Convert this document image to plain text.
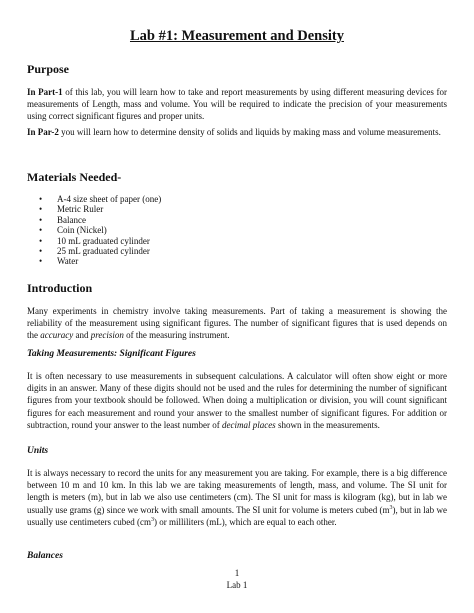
Lab #1: Measurement and Density
Purpose
In Part-1 of this lab, you will learn how to take and report measurements by using different measuring devices for measurements of Length, mass and volume. You will be required to indicate the precision of your measurements using correct significant figures and proper units.
In Par-2 you will learn how to determine density of solids and liquids by making mass and volume measurements.
Materials Needed-
• A-4 size sheet of paper (one)
• Metric Ruler
• Balance
• Coin (Nickel)
• 10 mL graduated cylinder
• 25 mL graduated cylinder
• Water
Introduction
Many experiments in chemistry involve taking measurements. Part of taking a measurement is showing the reliability of the measurement using significant figures. The number of significant figures that is used depends on the accuracy and precision of the measuring instrument.
Taking Measurements: Significant Figures
It is often necessary to use measurements in subsequent calculations. A calculator will often show eight or more digits in an answer. Many of these digits should not be used and the rules for determining the number of significant figures from your textbook should be followed. When doing a multiplication or division, you will count significant figures for each measurement and round your answer to the smallest number of significant figures. For addition or subtraction, round your answer to the least number of decimal places shown in the measurements.
Units
It is always necessary to record the units for any measurement you are taking. For example, there is a big difference between 10 m and 10 km. In this lab we are taking measurements of length, mass, and volume. The SI unit for length is meters (m), but in lab we also use centimeters (cm). The SI unit for mass is kilogram (kg), but in lab we usually use grams (g) since we work with small amounts. The SI unit for volume is meters cubed $(m^3)$, but in lab we usually use centimeters cubed $(cm^3)$ or milliliters (mL), which are equal to each other.
Balances
1
Lab 1
